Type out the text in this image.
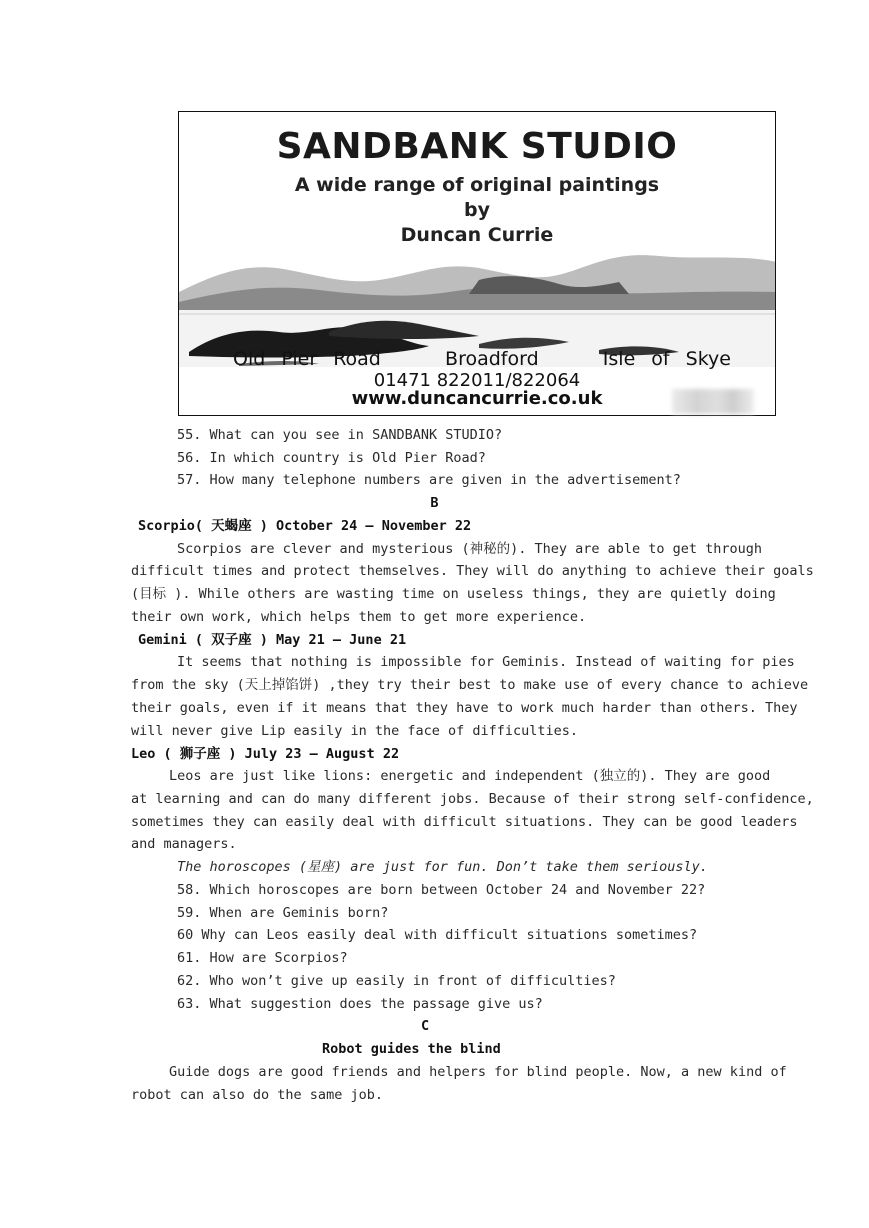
SANDBANK STUDIO
A wide range of original paintings
by
Duncan Currie
Old Pier Road    Broadford    Isle of Skye
01471 822011/822064
www.duncancurrie.co.uk
55. What can you see in SANDBANK STUDIO?
56. In which country is Old Pier Road?
57. How many telephone numbers are given in the advertisement?
B
Scorpio( 天蝎座 ) October 24 — November 22
Scorpios are clever and mysterious (神秘的). They are able to get through
difficult times and protect themselves. They will do anything to achieve their goals
(目标 ). While others are wasting time on useless things, they are quietly doing
their own work, which helps them to get more experience.
Gemini ( 双子座 ) May 21 — June 21
It seems that nothing is impossible for Geminis. Instead of waiting for pies
from the sky (天上掉馅饼) ,they try their best to make use of every chance to achieve
their goals, even if it means that they have to work much harder than others. They
will never give Lip easily in the face of difficulties.
Leo ( 狮子座 ) July 23 — August 22
Leos are just like lions: energetic and independent (独立的). They are good
at learning and can do many different jobs. Because of their strong self-confidence,
sometimes they can easily deal with difficult situations. They can be good leaders
and managers.
The horoscopes (星座) are just for fun. Don’t take them seriously.
58. Which horoscopes are born between October 24 and November 22?
59. When are Geminis born?
60 Why can Leos easily deal with difficult situations sometimes?
61. How are Scorpios?
62. Who won’t give up easily in front of difficulties?
63. What suggestion does the passage give us?
C
Robot guides the blind
Guide dogs are good friends and helpers for blind people. Now, a new kind of
robot can also do the same job.
